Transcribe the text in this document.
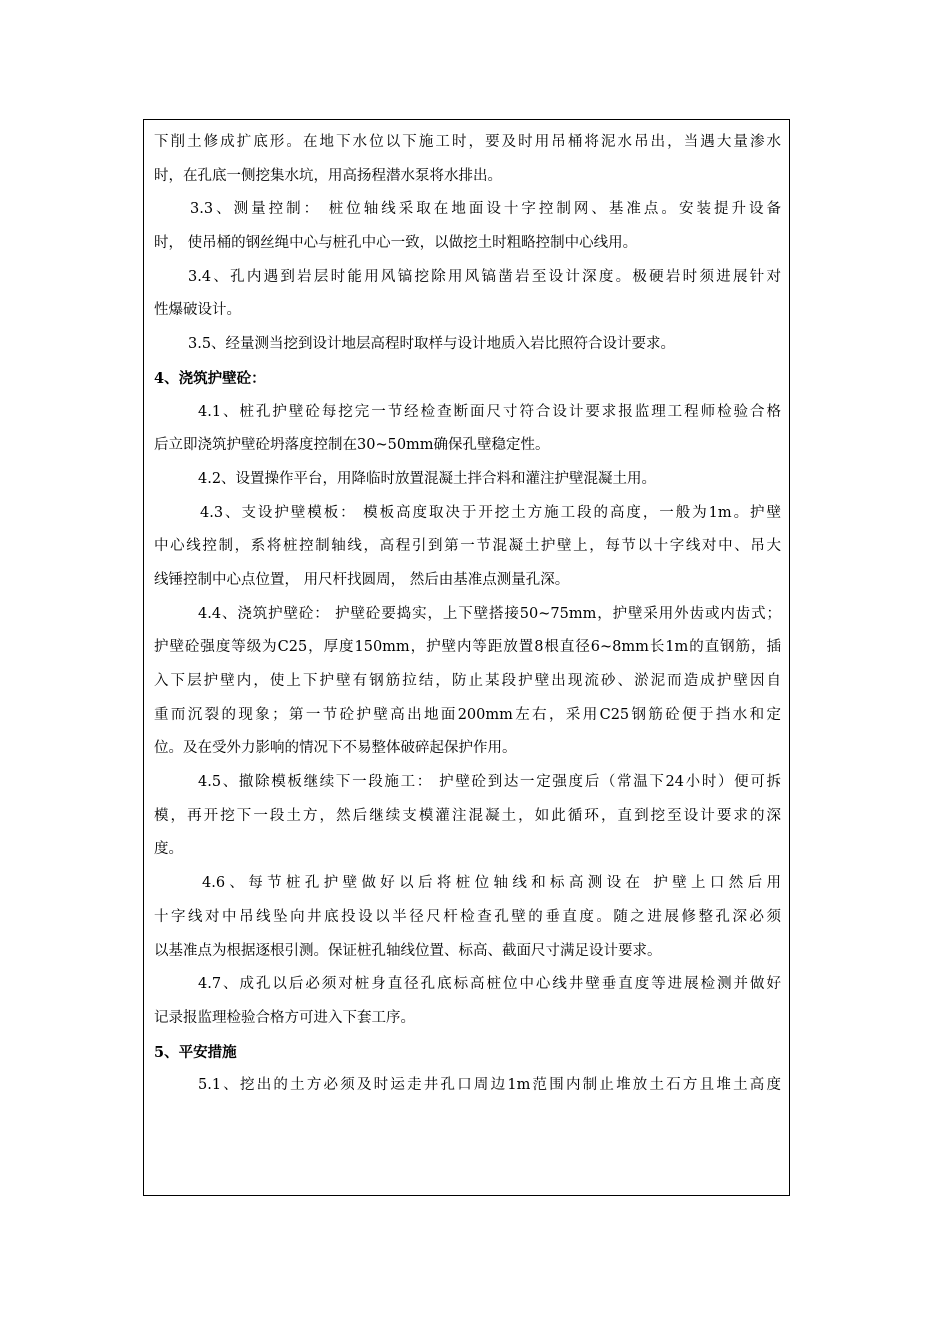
下削土修成扩底形。在地下水位以下施工时，要及时用吊桶将泥水吊出，当遇大量渗水
时，在孔底一侧挖集水坑，用高扬程潜水泵将水排出。
3.3、测量控制： 桩位轴线采取在地面设十字控制网、基准点。安装提升设备
时， 使吊桶的钢丝绳中心与桩孔中心一致，以做挖土时粗略控制中心线用。
3.4、孔内遇到岩层时能用风镐挖除用风镐凿岩至设计深度。极硬岩时须进展针对
性爆破设计。
3.5、经量测当挖到设计地层高程时取样与设计地质入岩比照符合设计要求。
4、浇筑护壁砼：
4.1、桩孔护壁砼每挖完一节经检查断面尺寸符合设计要求报监理工程师检验合格
后立即浇筑护壁砼坍落度控制在30~50mm确保孔壁稳定性。
4.2、设置操作平台，用降临时放置混凝土拌合料和灌注护壁混凝土用。
4.3、支设护壁模板： 模板高度取决于开挖土方施工段的高度，一般为1m。护壁
中心线控制，系将桩控制轴线，高程引到第一节混凝土护壁上，每节以十字线对中、吊大
线锤控制中心点位置， 用尺杆找圆周， 然后由基准点测量孔深。
4.4、浇筑护壁砼： 护壁砼要捣实，上下壁搭接50~75mm，护壁采用外齿或内齿式；
护壁砼强度等级为C25，厚度150mm，护壁内等距放置8根直径6~8mm长1m的直钢筋，插
入下层护壁内，使上下护壁有钢筋拉结，防止某段护壁出现流砂、淤泥而造成护壁因自
重而沉裂的现象；第一节砼护壁高出地面200mm左右，采用C25钢筋砼便于挡水和定
位。及在受外力影响的情况下不易整体破碎起保护作用。
4.5、撤除模板继续下一段施工： 护壁砼到达一定强度后（常温下24小时）便可拆
模，再开挖下一段土方，然后继续支模灌注混凝土，如此循环，直到挖至设计要求的深
度。
4.6、每节桩孔护壁做好以后将桩位轴线和标高测设在 护壁上口然后用
十字线对中吊线坠向井底投设以半径尺杆检查孔壁的垂直度。随之进展修整孔深必须
以基准点为根据逐根引测。保证桩孔轴线位置、标高、截面尺寸满足设计要求。
4.7、成孔以后必须对桩身直径孔底标高桩位中心线井壁垂直度等进展检测并做好
记录报监理检验合格方可进入下套工序。
5、平安措施
5.1、挖出的土方必须及时运走井孔口周边1m范围内制止堆放土石方且堆土高度
